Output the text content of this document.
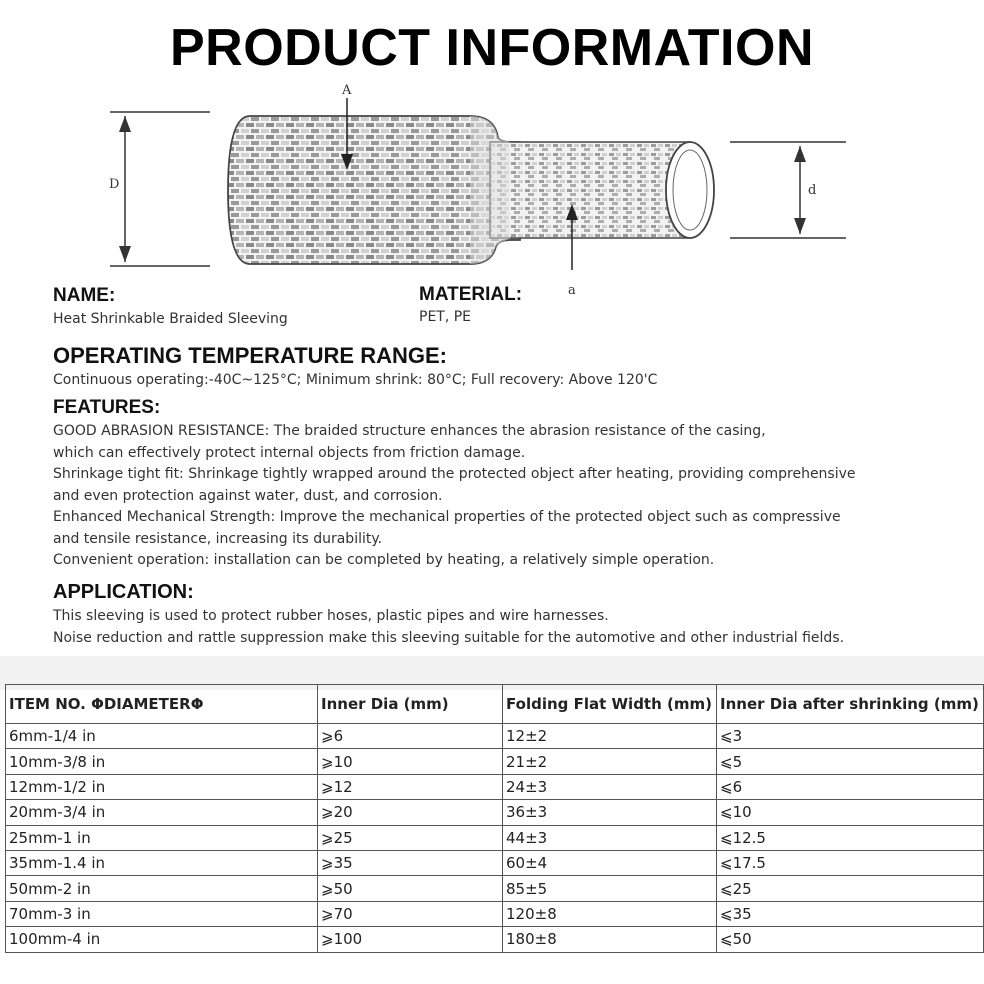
PRODUCT INFORMATION
D
A
a
d
NAME:
Heat Shrinkable Braided Sleeving
MATERIAL:
PET, PE
OPERATING TEMPERATURE RANGE:
Continuous operating:-40C~125°C; Minimum shrink: 80°C; Full recovery: Above 120'C
FEATURES:
GOOD ABRASION RESISTANCE: The braided structure enhances the abrasion resistance of the casing,
which can effectively protect internal objects from friction damage.
Shrinkage tight fit: Shrinkage tightly wrapped around the protected object after heating, providing comprehensive
and even protection against water, dust, and corrosion.
Enhanced Mechanical Strength: Improve the mechanical properties of the protected object such as compressive
and tensile resistance, increasing its durability.
Convenient operation: installation can be completed by heating, a relatively simple operation.
APPLICATION:
This sleeving is used to protect rubber hoses, plastic pipes and wire harnesses.
Noise reduction and rattle suppression make this sleeving suitable for the automotive and other industrial fields.
ITEM NO. ΦDIAMETERΦ	Inner Dia (mm)	Folding Flat Width (mm)	Inner Dia after shrinking (mm)
6mm-1/4 in	⩾6	12±2	⩽3
10mm-3/8 in	⩾10	21±2	⩽5
12mm-1/2 in	⩾12	24±3	⩽6
20mm-3/4 in	⩾20	36±3	⩽10
25mm-1 in	⩾25	44±3	⩽12.5
35mm-1.4 in	⩾35	60±4	⩽17.5
50mm-2 in	⩾50	85±5	⩽25
70mm-3 in	⩾70	120±8	⩽35
100mm-4 in	⩾100	180±8	⩽50
